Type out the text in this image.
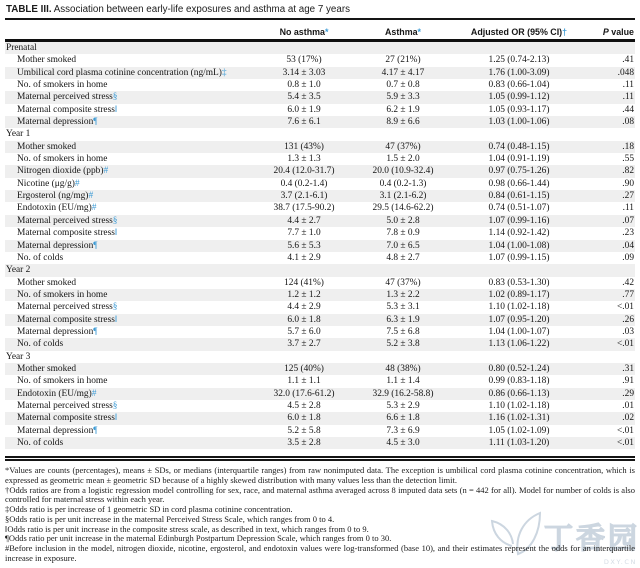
TABLE III. Association between early-life exposures and asthma at age 7 years
	No asthma*	Asthma*	Adjusted OR (95% CI)†	P value
Prenatal				
Mother smoked	53 (17%)	27 (21%)	1.25 (0.74-2.13)	.41
Umbilical cord plasma cotinine concentration (ng/mL)‡	3.14 ± 3.03	4.17 ± 4.17	1.76 (1.00-3.09)	.048
No. of smokers in home	0.8 ± 1.0	0.7 ± 0.8	0.83 (0.66-1.04)	.11
Maternal perceived stress§	5.4 ± 3.5	5.9 ± 3.3	1.05 (0.99-1.12)	.11
Maternal composite stress‖	6.0 ± 1.9	6.2 ± 1.9	1.05 (0.93-1.17)	.44
Maternal depression¶	7.6 ± 6.1	8.9 ± 6.6	1.03 (1.00-1.06)	.08
Year 1				
Mother smoked	131 (43%)	47 (37%)	0.74 (0.48-1.15)	.18
No. of smokers in home	1.3 ± 1.3	1.5 ± 2.0	1.04 (0.91-1.19)	.55
Nitrogen dioxide (ppb)#	20.4 (12.0-31.7)	20.0 (10.9-32.4)	0.97 (0.75-1.26)	.82
Nicotine (μg/g)#	0.4 (0.2-1.4)	0.4 (0.2-1.3)	0.98 (0.66-1.44)	.90
Ergosterol (ng/mg)#	3.7 (2.1-6.1)	3.1 (2.1-6.2)	0.84 (0.61-1.15)	.27
Endotoxin (EU/mg)#	38.7 (17.5-90.2)	29.5 (14.6-62.2)	0.74 (0.51-1.07)	.11
Maternal perceived stress§	4.4 ± 2.7	5.0 ± 2.8	1.07 (0.99-1.16)	.07
Maternal composite stress‖	7.7 ± 1.0	7.8 ± 0.9	1.14 (0.92-1.42)	.23
Maternal depression¶	5.6 ± 5.3	7.0 ± 6.5	1.04 (1.00-1.08)	.04
No. of colds	4.1 ± 2.9	4.8 ± 2.7	1.07 (0.99-1.15)	.09
Year 2				
Mother smoked	124 (41%)	47 (37%)	0.83 (0.53-1.30)	.42
No. of smokers in home	1.2 ± 1.2	1.3 ± 2.2	1.02 (0.89-1.17)	.77
Maternal perceived stress§	4.4 ± 2.9	5.3 ± 3.1	1.10 (1.02-1.18)	<.01
Maternal composite stress‖	6.0 ± 1.8	6.3 ± 1.9	1.07 (0.95-1.20)	.26
Maternal depression¶	5.7 ± 6.0	7.5 ± 6.8	1.04 (1.00-1.07)	.03
No. of colds	3.7 ± 2.7	5.2 ± 3.8	1.13 (1.06-1.22)	<.01
Year 3				
Mother smoked	125 (40%)	48 (38%)	0.80 (0.52-1.24)	.31
No. of smokers in home	1.1 ± 1.1	1.1 ± 1.4	0.99 (0.83-1.18)	.91
Endotoxin (EU/mg)#	32.0 (17.6-61.2)	32.9 (16.2-58.8)	0.86 (0.66-1.13)	.29
Maternal perceived stress§	4.5 ± 2.8	5.3 ± 2.9	1.10 (1.02-1.18)	.01
Maternal composite stress‖	6.0 ± 1.8	6.6 ± 1.8	1.16 (1.02-1.31)	.02
Maternal depression¶	5.2 ± 5.8	7.3 ± 6.9	1.05 (1.02-1.09)	<.01
No. of colds	3.5 ± 2.8	4.5 ± 3.0	1.11 (1.03-1.20)	<.01
*Values are counts (percentages), means ± SDs, or medians (interquartile ranges) from raw nonimputed data. The exception is umbilical cord plasma cotinine concentration, which is expressed as geometric mean ± geometric SD because of a highly skewed distribution with many values less than the detection limit.
†Odds ratios are from a logistic regression model controlling for sex, race, and maternal asthma averaged across 8 imputed data sets (n = 442 for all). Model for number of colds is also controlled for maternal stress within each year.
‡Odds ratio is per increase of 1 geometric SD in cord plasma cotinine concentration.
§Odds ratio is per unit increase in the maternal Perceived Stress Scale, which ranges from 0 to 4.
‖Odds ratio is per unit increase in the composite stress scale, as described in text, which ranges from 0 to 9.
¶Odds ratio per unit increase in the maternal Edinburgh Postpartum Depression Scale, which ranges from 0 to 30.
#Before inclusion in the model, nitrogen dioxide, nicotine, ergosterol, and endotoxin values were log-transformed (base 10), and their estimates represent the odds for an interquartile increase in exposure.
丁香园
DXY.CN
